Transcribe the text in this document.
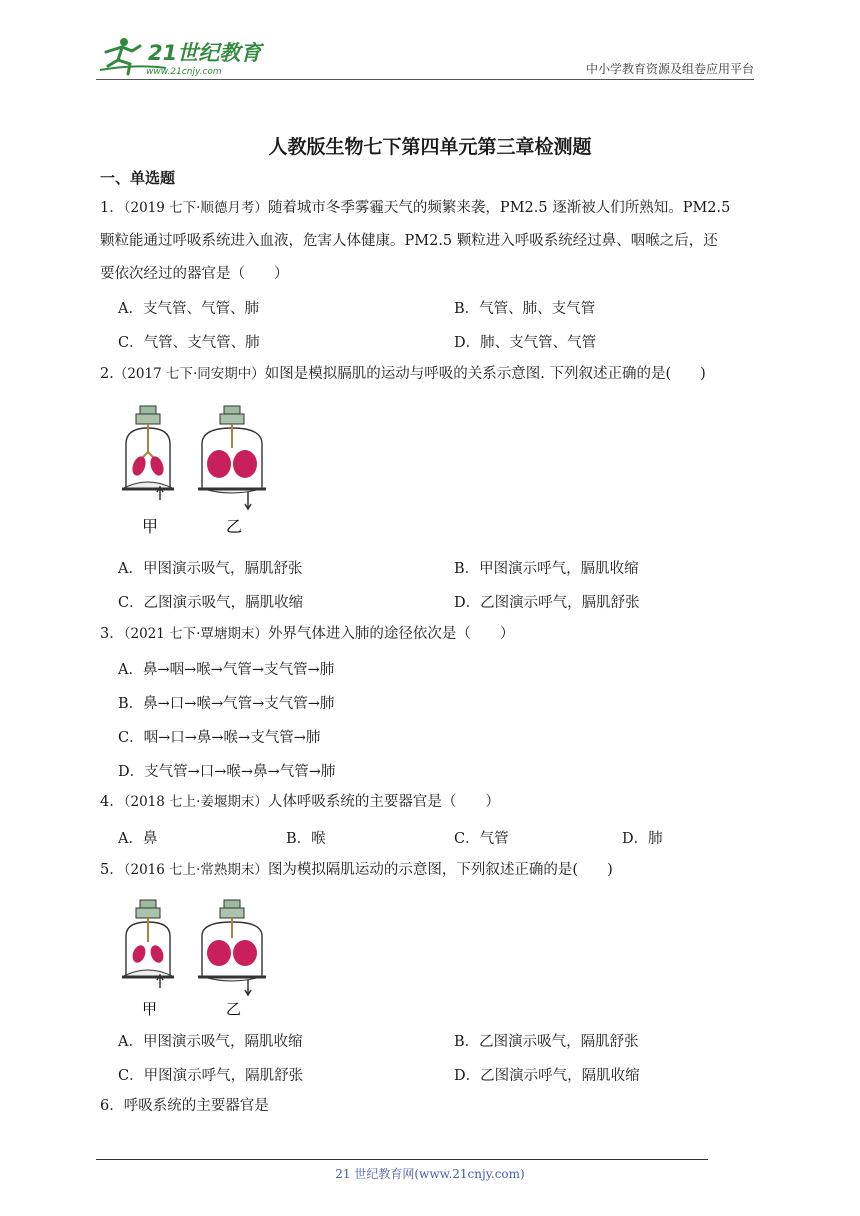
21世纪教育
www.21cnjy.com	中小学教育资源及组卷应用平台
人教版生物七下第四单元第三章检测题
一、单选题
1．（2019 七下·顺德月考）随着城市冬季雾霾天气的频繁来袭，PM2.5 逐渐被人们所熟知。PM2.5
颗粒能通过呼吸系统进入血液，危害人体健康。PM2.5 颗粒进入呼吸系统经过鼻、咽喉之后，还
要依次经过的器官是（　　）
A．支气管、气管、肺	B．气管、肺、支气管
C．气管、支气管、肺	D．肺、支气管、气管
2.（2017 七下·同安期中）如图是模拟膈肌的运动与呼吸的关系示意图. 下列叙述正确的是(　　)
甲	乙
A．甲图演示吸气，膈肌舒张	B．甲图演示呼气，膈肌收缩
C．乙图演示吸气，膈肌收缩	D．乙图演示呼气，膈肌舒张
3．（2021 七下·覃塘期末）外界气体进入肺的途径依次是（　　）
A．鼻→咽→喉→气管→支气管→肺
B．鼻→口→喉→气管→支气管→肺
C．咽→口→鼻→喉→支气管→肺
D．支气管→口→喉→鼻→气管→肺
4．（2018 七上·姜堰期末）人体呼吸系统的主要器官是（　　）
A．鼻	B．喉	C．气管	D．肺
5．（2016 七上·常熟期末）图为模拟隔肌运动的示意图，下列叙述正确的是(　　)
甲	乙
A．甲图演示吸气，隔肌收缩	B．乙图演示吸气，隔肌舒张
C．甲图演示呼气，隔肌舒张	D．乙图演示呼气，隔肌收缩
6．呼吸系统的主要器官是
21 世纪教育网(www.21cnjy.com)
